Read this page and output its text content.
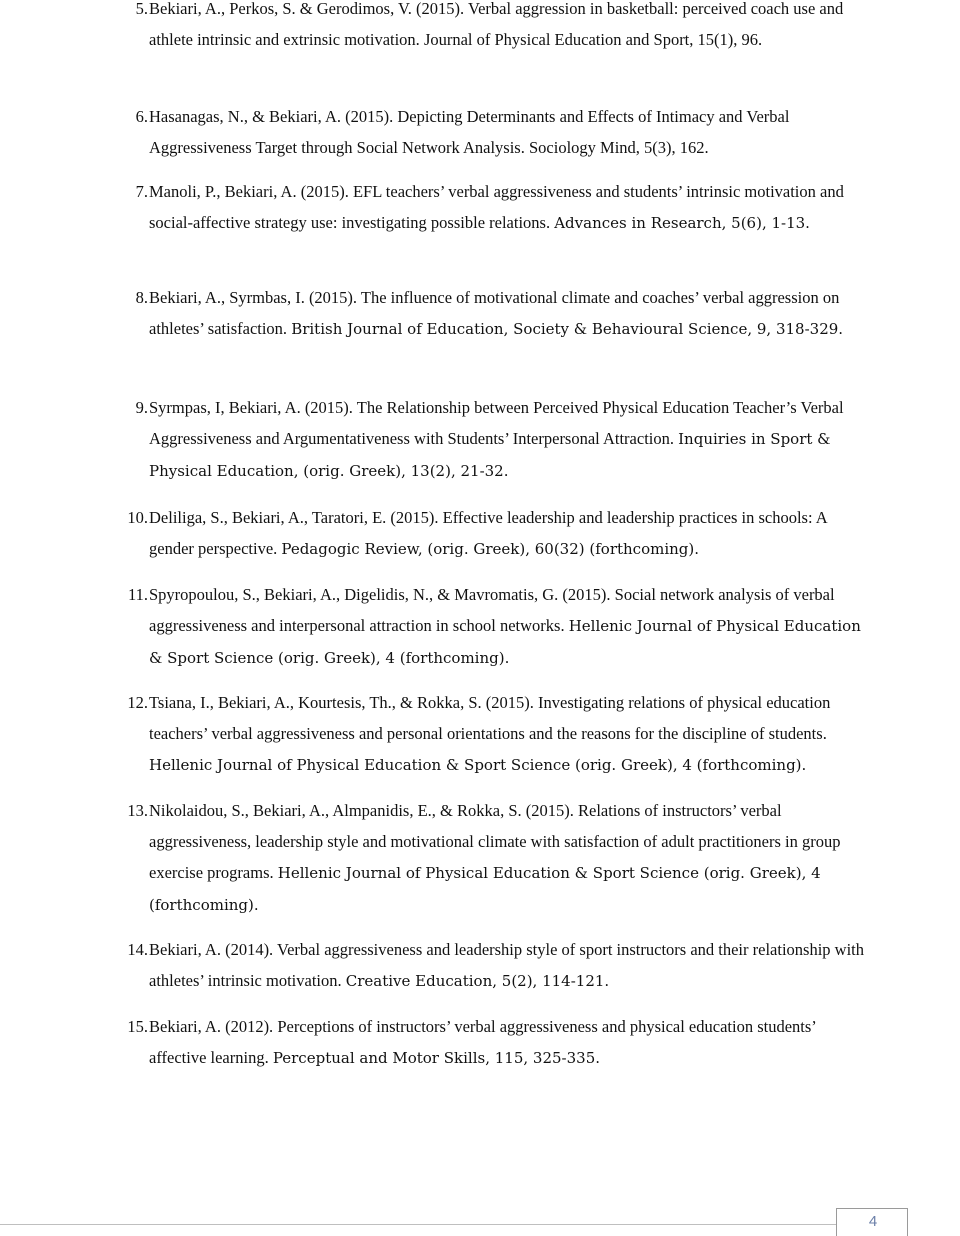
5. Bekiari, A., Perkos, S. & Gerodimos, V. (2015). Verbal aggression in basketball: perceived coach use and athlete intrinsic and extrinsic motivation. Journal of Physical Education and Sport, 15(1), 96.
6. Hasanagas, N., & Bekiari, A. (2015). Depicting Determinants and Effects of Intimacy and Verbal Aggressiveness Target through Social Network Analysis. Sociology Mind, 5(3), 162.
7. Manoli, P., Bekiari, A. (2015). EFL teachers’ verbal aggressiveness and students’ intrinsic motivation and social-affective strategy use: investigating possible relations. Advances in Research, 5(6), 1-13.
8. Bekiari, A., Syrmbas, I. (2015). The influence of motivational climate and coaches’ verbal aggression on athletes’ satisfaction. British Journal of Education, Society & Behavioural Science, 9, 318-329.
9. Syrmpas, I, Bekiari, A. (2015). The Relationship between Perceived Physical Education Teacher’s Verbal Aggressiveness and Argumentativeness with Students’ Interpersonal Attraction. Inquiries in Sport & Physical Education, (orig. Greek), 13(2), 21-32.
10. Deliliga, S., Bekiari, A., Taratori, E. (2015). Effective leadership and leadership practices in schools: A gender perspective. Pedagogic Review, (orig. Greek), 60(32) (forthcoming).
11. Spyropoulou, S., Bekiari, A., Digelidis, N., & Mavromatis, G. (2015). Social network analysis of verbal aggressiveness and interpersonal attraction in school networks. Hellenic Journal of Physical Education & Sport Science (orig. Greek), 4 (forthcoming).
12. Tsiana, I., Bekiari, A., Kourtesis, Th., & Rokka, S. (2015). Investigating relations of physical education teachers’ verbal aggressiveness and personal orientations and the reasons for the discipline of students. Hellenic Journal of Physical Education & Sport Science (orig. Greek), 4 (forthcoming).
13. Nikolaidou, S., Bekiari, A., Almpanidis, E., & Rokka, S. (2015). Relations of instructors’ verbal aggressiveness, leadership style and motivational climate with satisfaction of adult practitioners in group exercise programs. Hellenic Journal of Physical Education & Sport Science (orig. Greek), 4 (forthcoming).
14. Bekiari, A. (2014). Verbal aggressiveness and leadership style of sport instructors and their relationship with athletes’ intrinsic motivation. Creative Education, 5(2), 114-121.
15. Bekiari, A. (2012). Perceptions of instructors’ verbal aggressiveness and physical education students’ affective learning. Perceptual and Motor Skills, 115, 325-335.
4
